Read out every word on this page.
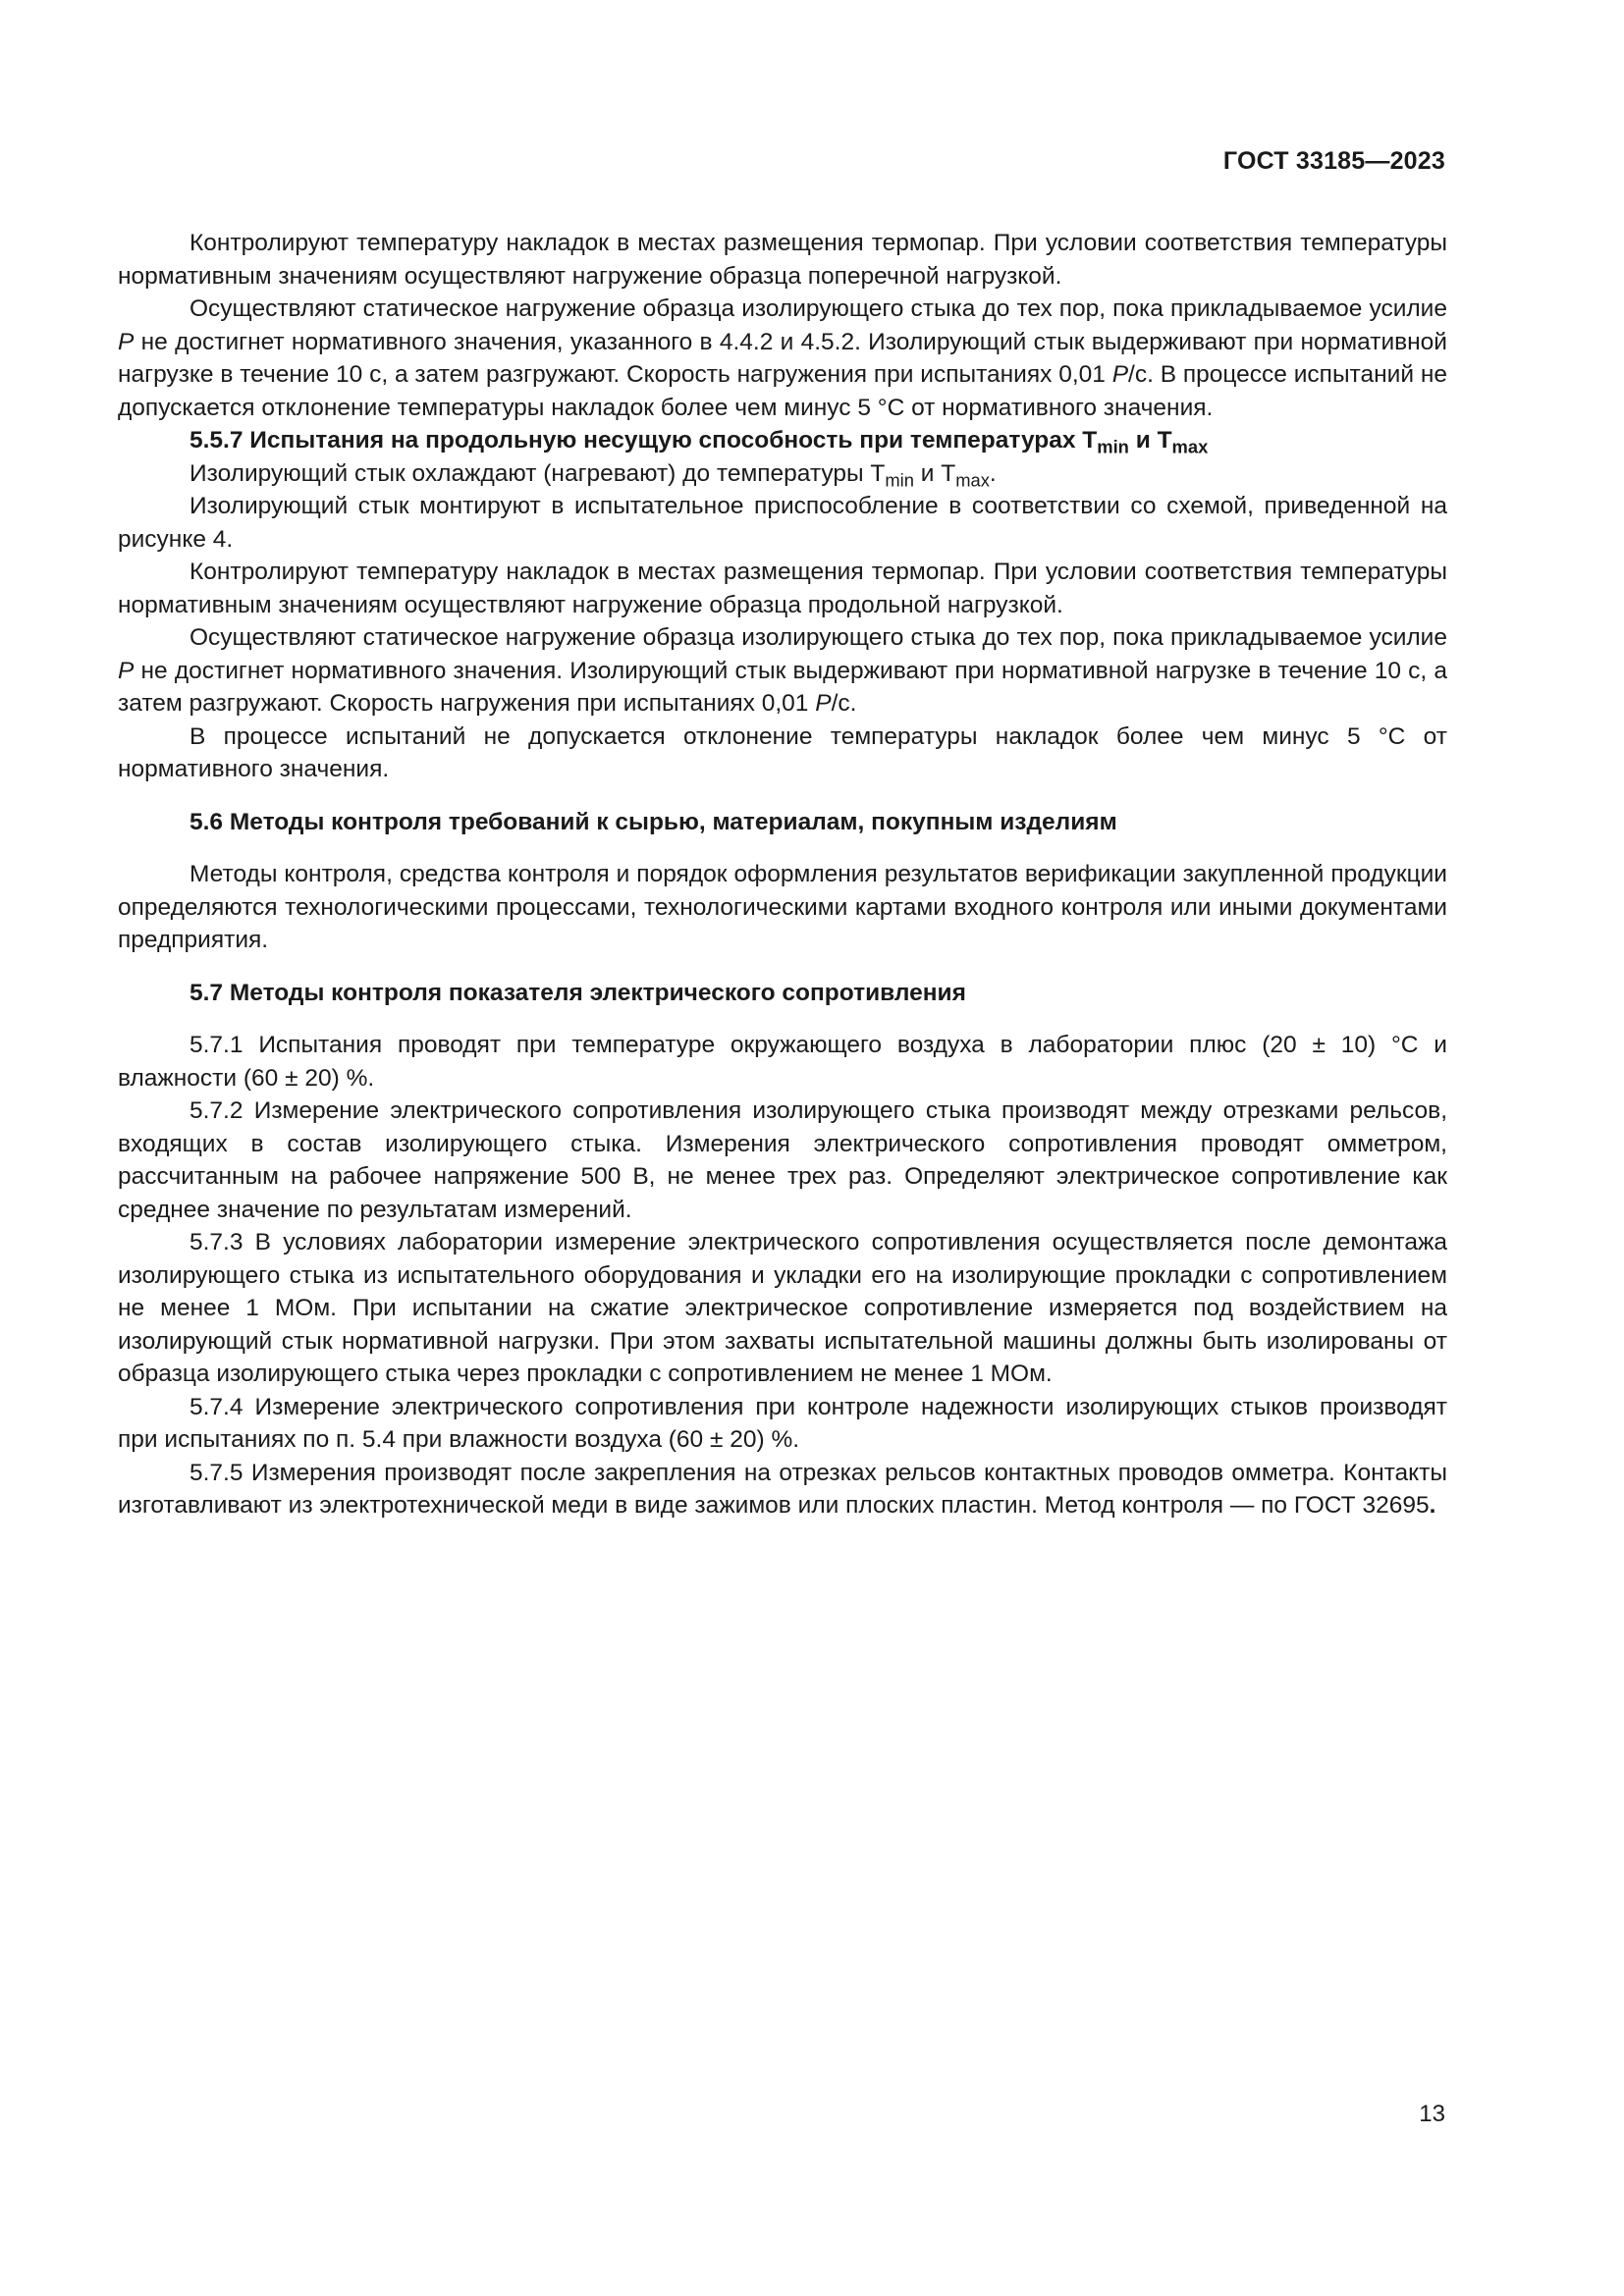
ГОСТ 33185—2023

Контролируют температуру накладок в местах размещения термопар. При условии соответствия температуры нормативным значениям осуществляют нагружение образца поперечной нагрузкой.

Осуществляют статическое нагружение образца изолирующего стыка до тех пор, пока прикладываемое усилие P не достигнет нормативного значения, указанного в 4.4.2 и 4.5.2. Изолирующий стык выдерживают при нормативной нагрузке в течение 10 с, а затем разгружают. Скорость нагружения при испытаниях 0,01 P/с. В процессе испытаний не допускается отклонение температуры накладок более чем минус 5 °С от нормативного значения.

5.5.7 Испытания на продольную несущую способность при температурах $T_{min}$ и $T_{max}$

Изолирующий стык охлаждают (нагревают) до температуры $T_{min}$ и $T_{max}$.

Изолирующий стык монтируют в испытательное приспособление в соответствии со схемой, приведенной на рисунке 4.

Контролируют температуру накладок в местах размещения термопар. При условии соответствия температуры нормативным значениям осуществляют нагружение образца продольной нагрузкой.

Осуществляют статическое нагружение образца изолирующего стыка до тех пор, пока прикладываемое усилие P не достигнет нормативного значения. Изолирующий стык выдерживают при нормативной нагрузке в течение 10 с, а затем разгружают. Скорость нагружения при испытаниях 0,01 P/с.

В процессе испытаний не допускается отклонение температуры накладок более чем минус 5 °С от нормативного значения.

5.6 Методы контроля требований к сырью, материалам, покупным изделиям

Методы контроля, средства контроля и порядок оформления результатов верификации закупленной продукции определяются технологическими процессами, технологическими картами входного контроля или иными документами предприятия.

5.7 Методы контроля показателя электрического сопротивления

5.7.1 Испытания проводят при температуре окружающего воздуха в лаборатории плюс (20 ± 10) °С и влажности (60 ± 20) %.

5.7.2 Измерение электрического сопротивления изолирующего стыка производят между отрезками рельсов, входящих в состав изолирующего стыка. Измерения электрического сопротивления проводят омметром, рассчитанным на рабочее напряжение 500 В, не менее трех раз. Определяют электрическое сопротивление как среднее значение по результатам измерений.

5.7.3 В условиях лаборатории измерение электрического сопротивления осуществляется после демонтажа изолирующего стыка из испытательного оборудования и укладки его на изолирующие прокладки с сопротивлением не менее 1 МОм. При испытании на сжатие электрическое сопротивление измеряется под воздействием на изолирующий стык нормативной нагрузки. При этом захваты испытательной машины должны быть изолированы от образца изолирующего стыка через прокладки с сопротивлением не менее 1 МОм.

5.7.4 Измерение электрического сопротивления при контроле надежности изолирующих стыков производят при испытаниях по п. 5.4 при влажности воздуха (60 ± 20) %.

5.7.5 Измерения производят после закрепления на отрезках рельсов контактных проводов омметра. Контакты изготавливают из электротехнической меди в виде зажимов или плоских пластин. Метод контроля — по ГОСТ 32695.

13
